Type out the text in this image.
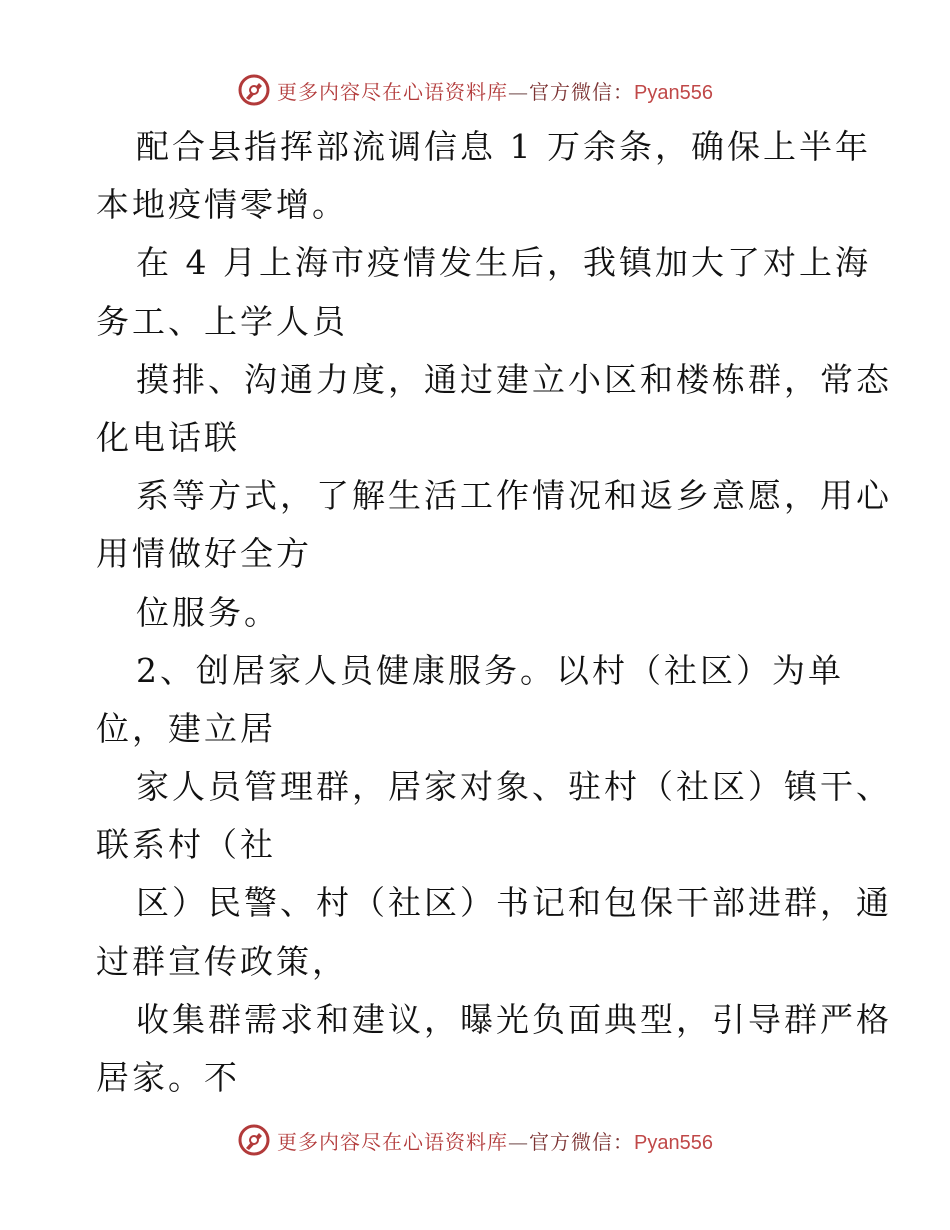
更多内容尽在心语资料库—官方微信：Pyan556
配合县指挥部流调信息 1 万余条，确保上半年
本地疫情零增。
在 4 月上海市疫情发生后，我镇加大了对上海
务工、上学人员
摸排、沟通力度，通过建立小区和楼栋群，常态
化电话联
系等方式，了解生活工作情况和返乡意愿，用心
用情做好全方
位服务。
2、创居家人员健康服务。以村（社区）为单
位，建立居
家人员管理群，居家对象、驻村（社区）镇干、
联系村（社
区）民警、村（社区）书记和包保干部进群，通
过群宣传政策，
收集群需求和建议，曝光负面典型，引导群严格
居家。不
更多内容尽在心语资料库—官方微信：Pyan556
